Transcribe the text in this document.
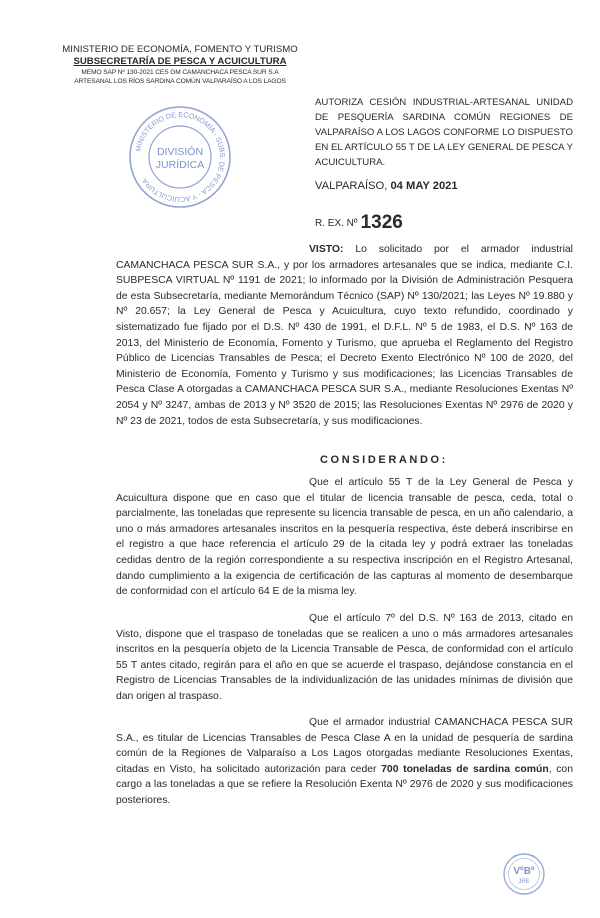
MINISTERIO DE ECONOMÍA, FOMENTO Y TURISMO
SUBSECRETARÍA DE PESCA Y ACUICULTURA
MEMO SAP Nº 130-2021 CES GM CAMANCHACA PESCA SUR S.A
ARTESANAL LOS RÍOS SARDINA COMÚN VALPARAÍSO A LOS LAGOS
MINISTERIO DE ECONOMÍA · SUBS. DE PESCA · Y ACUICULTURA
DIVISIÓN
JURÍDICA
AUTORIZA CESIÓN INDUSTRIAL-ARTESANAL UNIDAD DE PESQUERÍA SARDINA COMÚN REGIONES DE VALPARAÍSO A LOS LAGOS CONFORME LO DISPUESTO EN EL ARTÍCULO 55 T DE LA LEY GENERAL DE PESCA Y ACUICULTURA.
VALPARAÍSO, 04 MAY 2021
R. EX. Nº 1326
VISTO: Lo solicitado por el armador industrial CAMANCHACA PESCA SUR S.A., y por los armadores artesanales que se indica, mediante C.I. SUBPESCA VIRTUAL Nº 1191 de 2021; lo informado por la División de Administración Pesquera de esta Subsecretaría, mediante Memorándum Técnico (SAP) Nº 130/2021; las Leyes Nº 19.880 y Nº 20.657; la Ley General de Pesca y Acuicultura, cuyo texto refundido, coordinado y sistematizado fue fijado por el D.S. Nº 430 de 1991, el D.F.L. Nº 5 de 1983, el D.S. Nº 163 de 2013, del Ministerio de Economía, Fomento y Turismo, que aprueba el Reglamento del Registro Público de Licencias Transables de Pesca; el Decreto Exento Electrónico Nº 100 de 2020, del Ministerio de Economía, Fomento y Turismo y sus modificaciones; las Licencias Transables de Pesca Clase A otorgadas a CAMANCHACA PESCA SUR S.A., mediante Resoluciones Exentas Nº 2054 y Nº 3247, ambas de 2013 y Nº 3520 de 2015; las Resoluciones Exentas Nº 2976 de 2020 y Nº 23 de 2021, todos de esta Subsecretaría, y sus modificaciones.
CONSIDERANDO:
Que el artículo 55 T de la Ley General de Pesca y Acuicultura dispone que en caso que el titular de licencia transable de pesca, ceda, total o parcialmente, las toneladas que represente su licencia transable de pesca, en un año calendario, a uno o más armadores artesanales inscritos en la pesquería respectiva, éste deberá inscribirse en el registro a que hace referencia el artículo 29 de la citada ley y podrá extraer las toneladas cedidas dentro de la región correspondiente a su respectiva inscripción en el Registro Artesanal, dando cumplimiento a la exigencia de certificación de las capturas al momento de desembarque de conformidad con el artículo 64 E de la misma ley.
Que el artículo 7º del D.S. Nº 163 de 2013, citado en Visto, dispone que el traspaso de toneladas que se realicen a uno o más armadores artesanales inscritos en la pesquería objeto de la Licencia Transable de Pesca, de conformidad con el artículo 55 T antes citado, regirán para el año en que se acuerde el traspaso, dejándose constancia en el Registro de Licencias Transables de la individualización de las unidades mínimas de división que dan origen al traspaso.
Que el armador industrial CAMANCHACA PESCA SUR S.A., es titular de Licencias Transables de Pesca Clase A en la unidad de pesquería de sardina común de la Regiones de Valparaíso a Los Lagos otorgadas mediante Resoluciones Exentas, citadas en Visto, ha solicitado autorización para ceder 700 toneladas de sardina común, con cargo a las toneladas a que se refiere la Resolución Exenta Nº 2976 de 2020 y sus modificaciones posteriores.
VºBº
JRE
